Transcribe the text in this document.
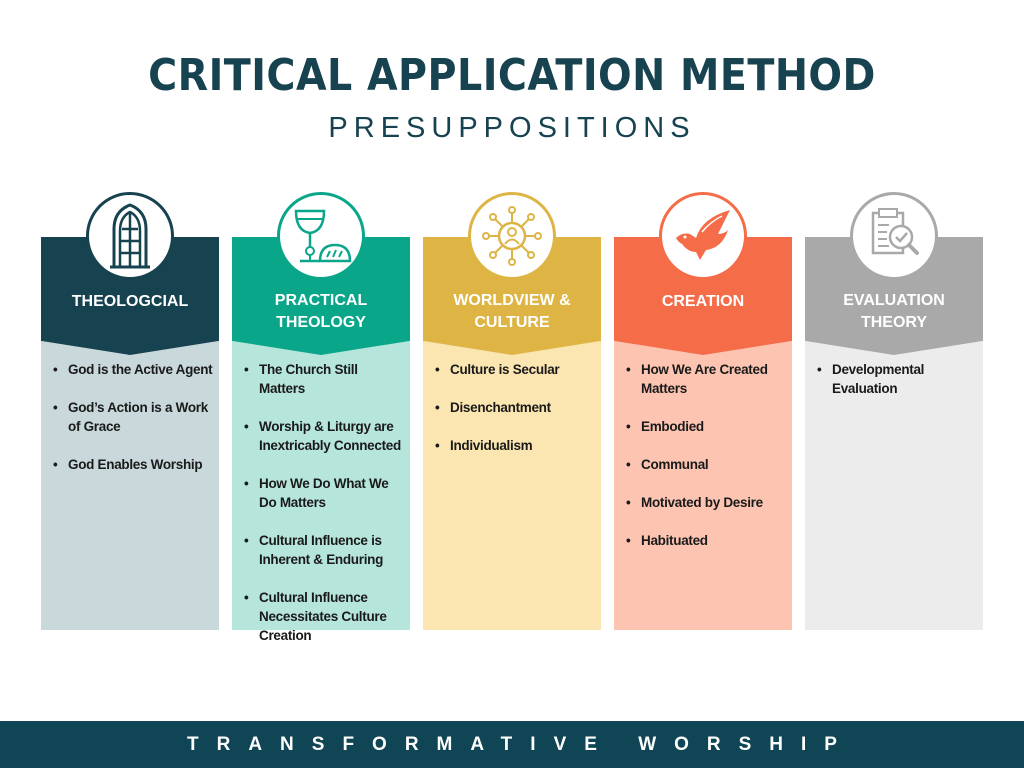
CRITICAL APPLICATION METHOD
PRESUPPOSITIONS
THEOLOGCIAL
• God is the Active Agent
• God’s Action is a Work of Grace
• God Enables Worship
PRACTICAL
THEOLOGY
• The Church Still Matters
• Worship & Liturgy are Inextricably Connected
• How We Do What We Do Matters
• Cultural Influence is Inherent & Enduring
• Cultural Influence Necessitates Culture Creation
WORLDVIEW &
CULTURE
• Culture is Secular
• Disenchantment
• Individualism
CREATION
• How We Are Created Matters
• Embodied
• Communal
• Motivated by Desire
• Habituated
EVALUATION
THEORY
• Developmental Evaluation
TRANSFORMATIVE WORSHIP
